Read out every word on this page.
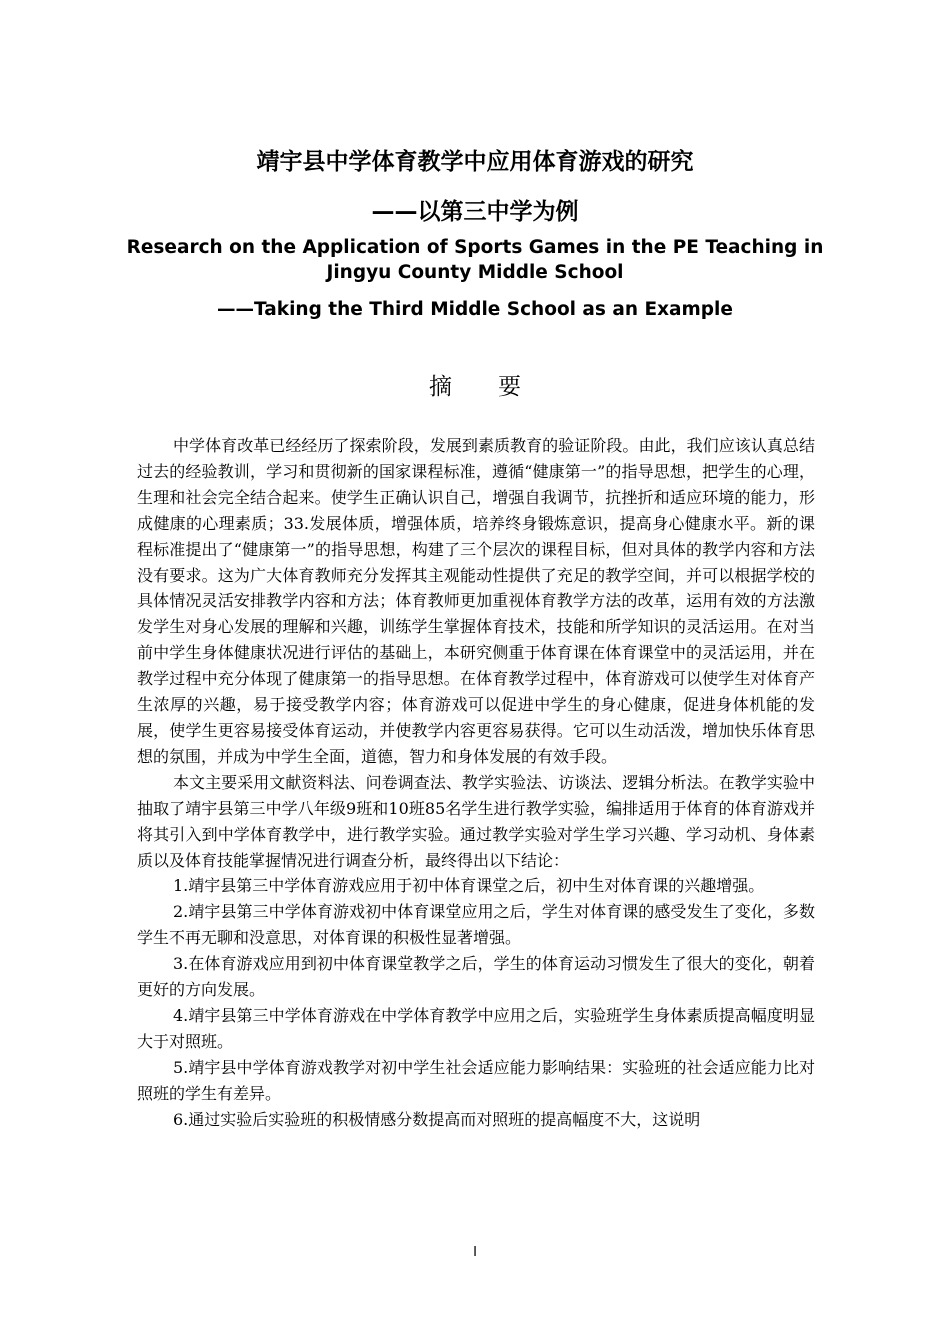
靖宇县中学体育教学中应用体育游戏的研究
——以第三中学为例
Research on the Application of Sports Games in the PE Teaching in Jingyu County Middle School
——Taking the Third Middle School as an Example
摘要

中学体育改革已经经历了探索阶段，发展到素质教育的验证阶段。由此，我们应该认真总结过去的经验教训，学习和贯彻新的国家课程标准，遵循“健康第一”的指导思想，把学生的心理，生理和社会完全结合起来。使学生正确认识自己，增强自我调节，抗挫折和适应环境的能力，形成健康的心理素质；33.发展体质，增强体质，培养终身锻炼意识，提高身心健康水平。新的课程标准提出了“健康第一”的指导思想，构建了三个层次的课程目标，但对具体的教学内容和方法没有要求。这为广大体育教师充分发挥其主观能动性提供了充足的教学空间，并可以根据学校的具体情况灵活安排教学内容和方法；体育教师更加重视体育教学方法的改革，运用有效的方法激发学生对身心发展的理解和兴趣，训练学生掌握体育技术，技能和所学知识的灵活运用。在对当前中学生身体健康状况进行评估的基础上，本研究侧重于体育课在体育课堂中的灵活运用，并在教学过程中充分体现了健康第一的指导思想。在体育教学过程中，体育游戏可以使学生对体育产生浓厚的兴趣，易于接受教学内容；体育游戏可以促进中学生的身心健康，促进身体机能的发展，使学生更容易接受体育运动，并使教学内容更容易获得。它可以生动活泼，增加快乐体育思想的氛围，并成为中学生全面，道德，智力和身体发展的有效手段。

本文主要采用文献资料法、问卷调查法、教学实验法、访谈法、逻辑分析法。在教学实验中抽取了靖宇县第三中学八年级9班和10班85名学生进行教学实验，编排适用于体育的体育游戏并将其引入到中学体育教学中，进行教学实验。通过教学实验对学生学习兴趣、学习动机、身体素质以及体育技能掌握情况进行调查分析，最终得出以下结论：

1.靖宇县第三中学体育游戏应用于初中体育课堂之后，初中生对体育课的兴趣增强。

2.靖宇县第三中学体育游戏初中体育课堂应用之后，学生对体育课的感受发生了变化，多数学生不再无聊和没意思，对体育课的积极性显著增强。

3.在体育游戏应用到初中体育课堂教学之后，学生的体育运动习惯发生了很大的变化，朝着更好的方向发展。

4.靖宇县第三中学体育游戏在中学体育教学中应用之后，实验班学生身体素质提高幅度明显大于对照班。

5.靖宇县中学体育游戏教学对初中学生社会适应能力影响结果：实验班的社会适应能力比对照班的学生有差异。

6.通过实验后实验班的积极情感分数提高而对照班的提高幅度不大，这说明

I
